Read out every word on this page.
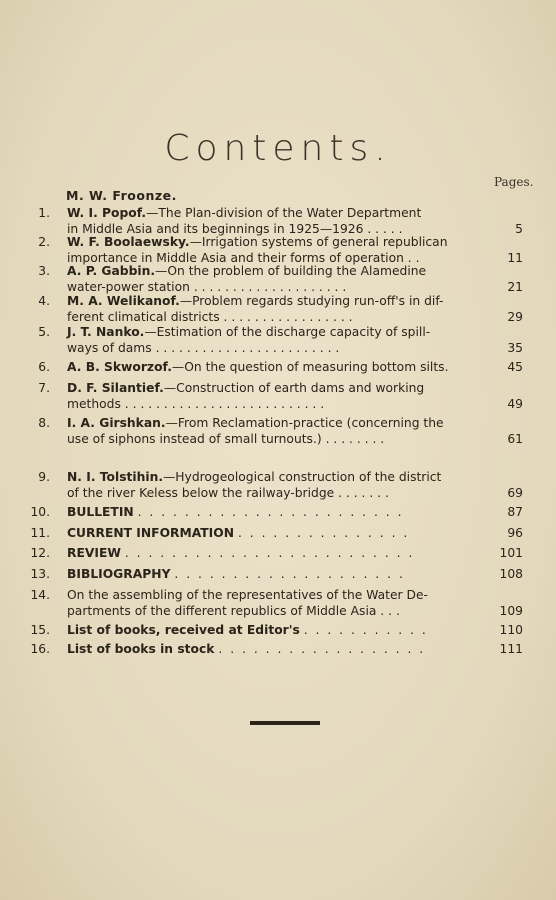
Contents.
Pages.
M. W. Froonze.
1. W. I. Popof.—The Plan-division of the Water Department
in Middle Asia and its beginnings in 1925—1926 . . . . .	5
2. W. F. Boolaewsky.—Irrigation systems of general republican
importance in Middle Asia and their forms of operation . .	11
3. A. P. Gabbin.—On the problem of building the Alamedine
water-power station . . . . . . . . . . . . . . . . . . . .	21
4. M. A. Welikanof.—Problem regards studying run-off's in dif-
ferent climatical districts . . . . . . . . . . . . . . . . .	29
5. J. T. Nanko.—Estimation of the discharge capacity of spill-
ways of dams . . . . . . . . . . . . . . . . . . . . . . . .	35
6. A. B. Skworzof.—On the question of measuring bottom silts.	45
7. D. F. Silantief.—Construction of earth dams and working
methods . . . . . . . . . . . . . . . . . . . . . . . . . .	49
8. I. A. Girshkan.—From Reclamation-practice (concerning the
use of siphons instead of small turnouts.) . . . . . . . .	61
9. N. I. Tolstihin.—Hydrogeological construction of the district
of the river Keless below the railway-bridge . . . . . . .	69
10. BULLETIN . . . . . . . . . . . . . . . . . . . . . . .	87
11. CURRENT INFORMATION . . . . . . . . . . . . . . .	96
12. REVIEW . . . . . . . . . . . . . . . . . . . . . . . . .	101
13. BIBLIOGRAPHY . . . . . . . . . . . . . . . . . . . .	108
14. On the assembling of the representatives of the Water De-
partments of the different republics of Middle Asia . . .	109
15. List of books, received at Editor's . . . . . . . . . . .	110
16. List of books in stock . . . . . . . . . . . . . . . . . .	111
